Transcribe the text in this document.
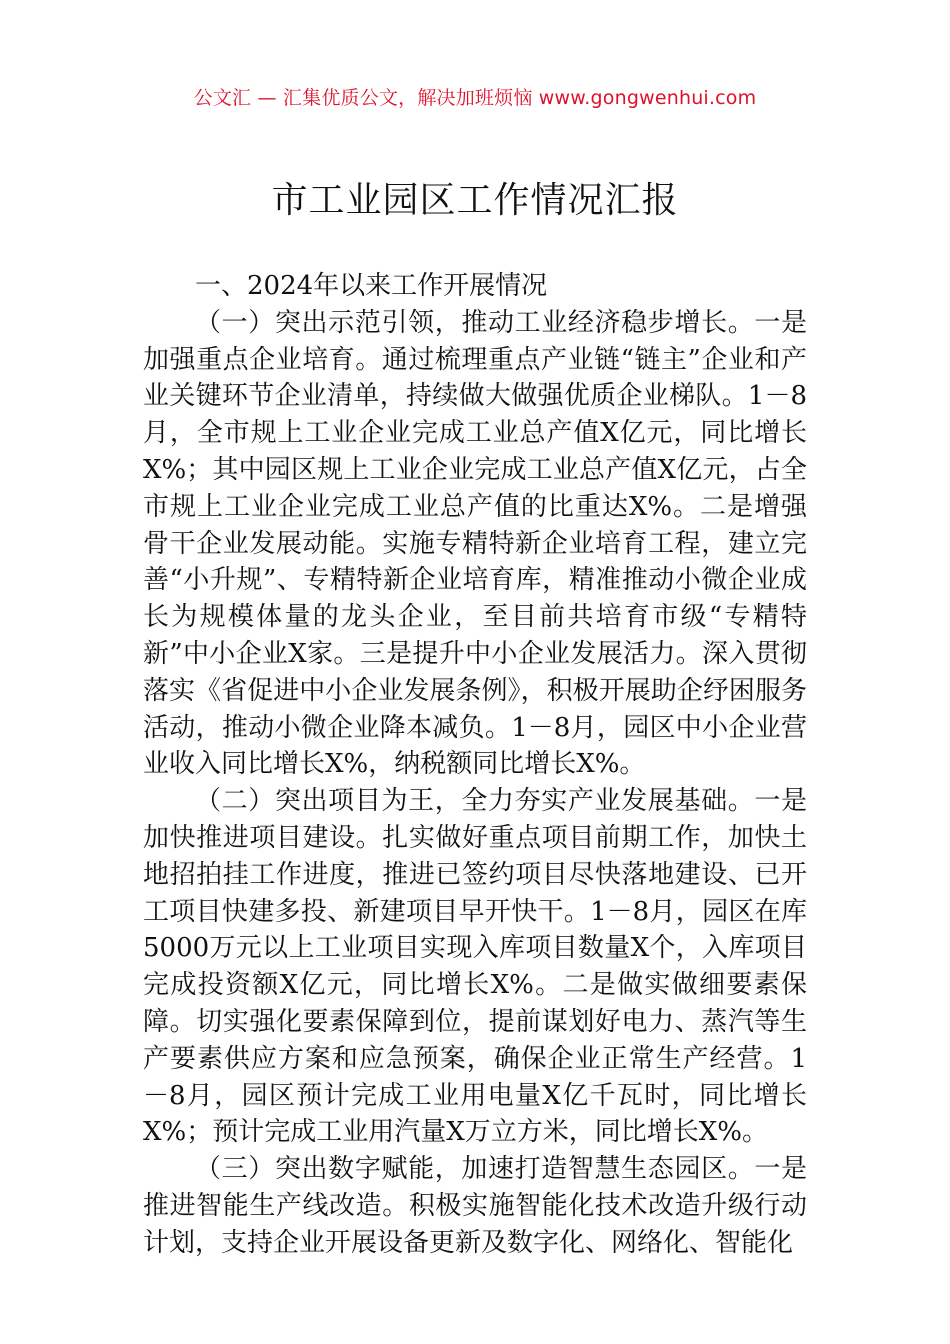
公文汇 — 汇集优质公文，解决加班烦恼 www.gongwenhui.com
市工业园区工作情况汇报

一、2024年以来工作开展情况

（一）突出示范引领，推动工业经济稳步增长。一是加强重点企业培育。通过梳理重点产业链“链主”企业和产业关键环节企业清单，持续做大做强优质企业梯队。1－8月，全市规上工业企业完成工业总产值X亿元，同比增长X%；其中园区规上工业企业完成工业总产值X亿元，占全市规上工业企业完成工业总产值的比重达X%。二是增强骨干企业发展动能。实施专精特新企业培育工程，建立完善“小升规”、专精特新企业培育库，精准推动小微企业成长为规模体量的龙头企业，至目前共培育市级“专精特新”中小企业X家。三是提升中小企业发展活力。深入贯彻落实《省促进中小企业发展条例》，积极开展助企纾困服务活动，推动小微企业降本减负。1－8月，园区中小企业营业收入同比增长X%，纳税额同比增长X%。

（二）突出项目为王，全力夯实产业发展基础。一是加快推进项目建设。扎实做好重点项目前期工作，加快土地招拍挂工作进度，推进已签约项目尽快落地建设、已开工项目快建多投、新建项目早开快干。1－8月，园区在库5000万元以上工业项目实现入库项目数量X个，入库项目完成投资额X亿元，同比增长X%。二是做实做细要素保障。切实强化要素保障到位，提前谋划好电力、蒸汽等生产要素供应方案和应急预案，确保企业正常生产经营。1－8月，园区预计完成工业用电量X亿千瓦时，同比增长X%；预计完成工业用汽量X万立方米，同比增长X%。

（三）突出数字赋能，加速打造智慧生态园区。一是推进智能生产线改造。积极实施智能化技术改造升级行动计划，支持企业开展设备更新及数字化、网络化、智能化
